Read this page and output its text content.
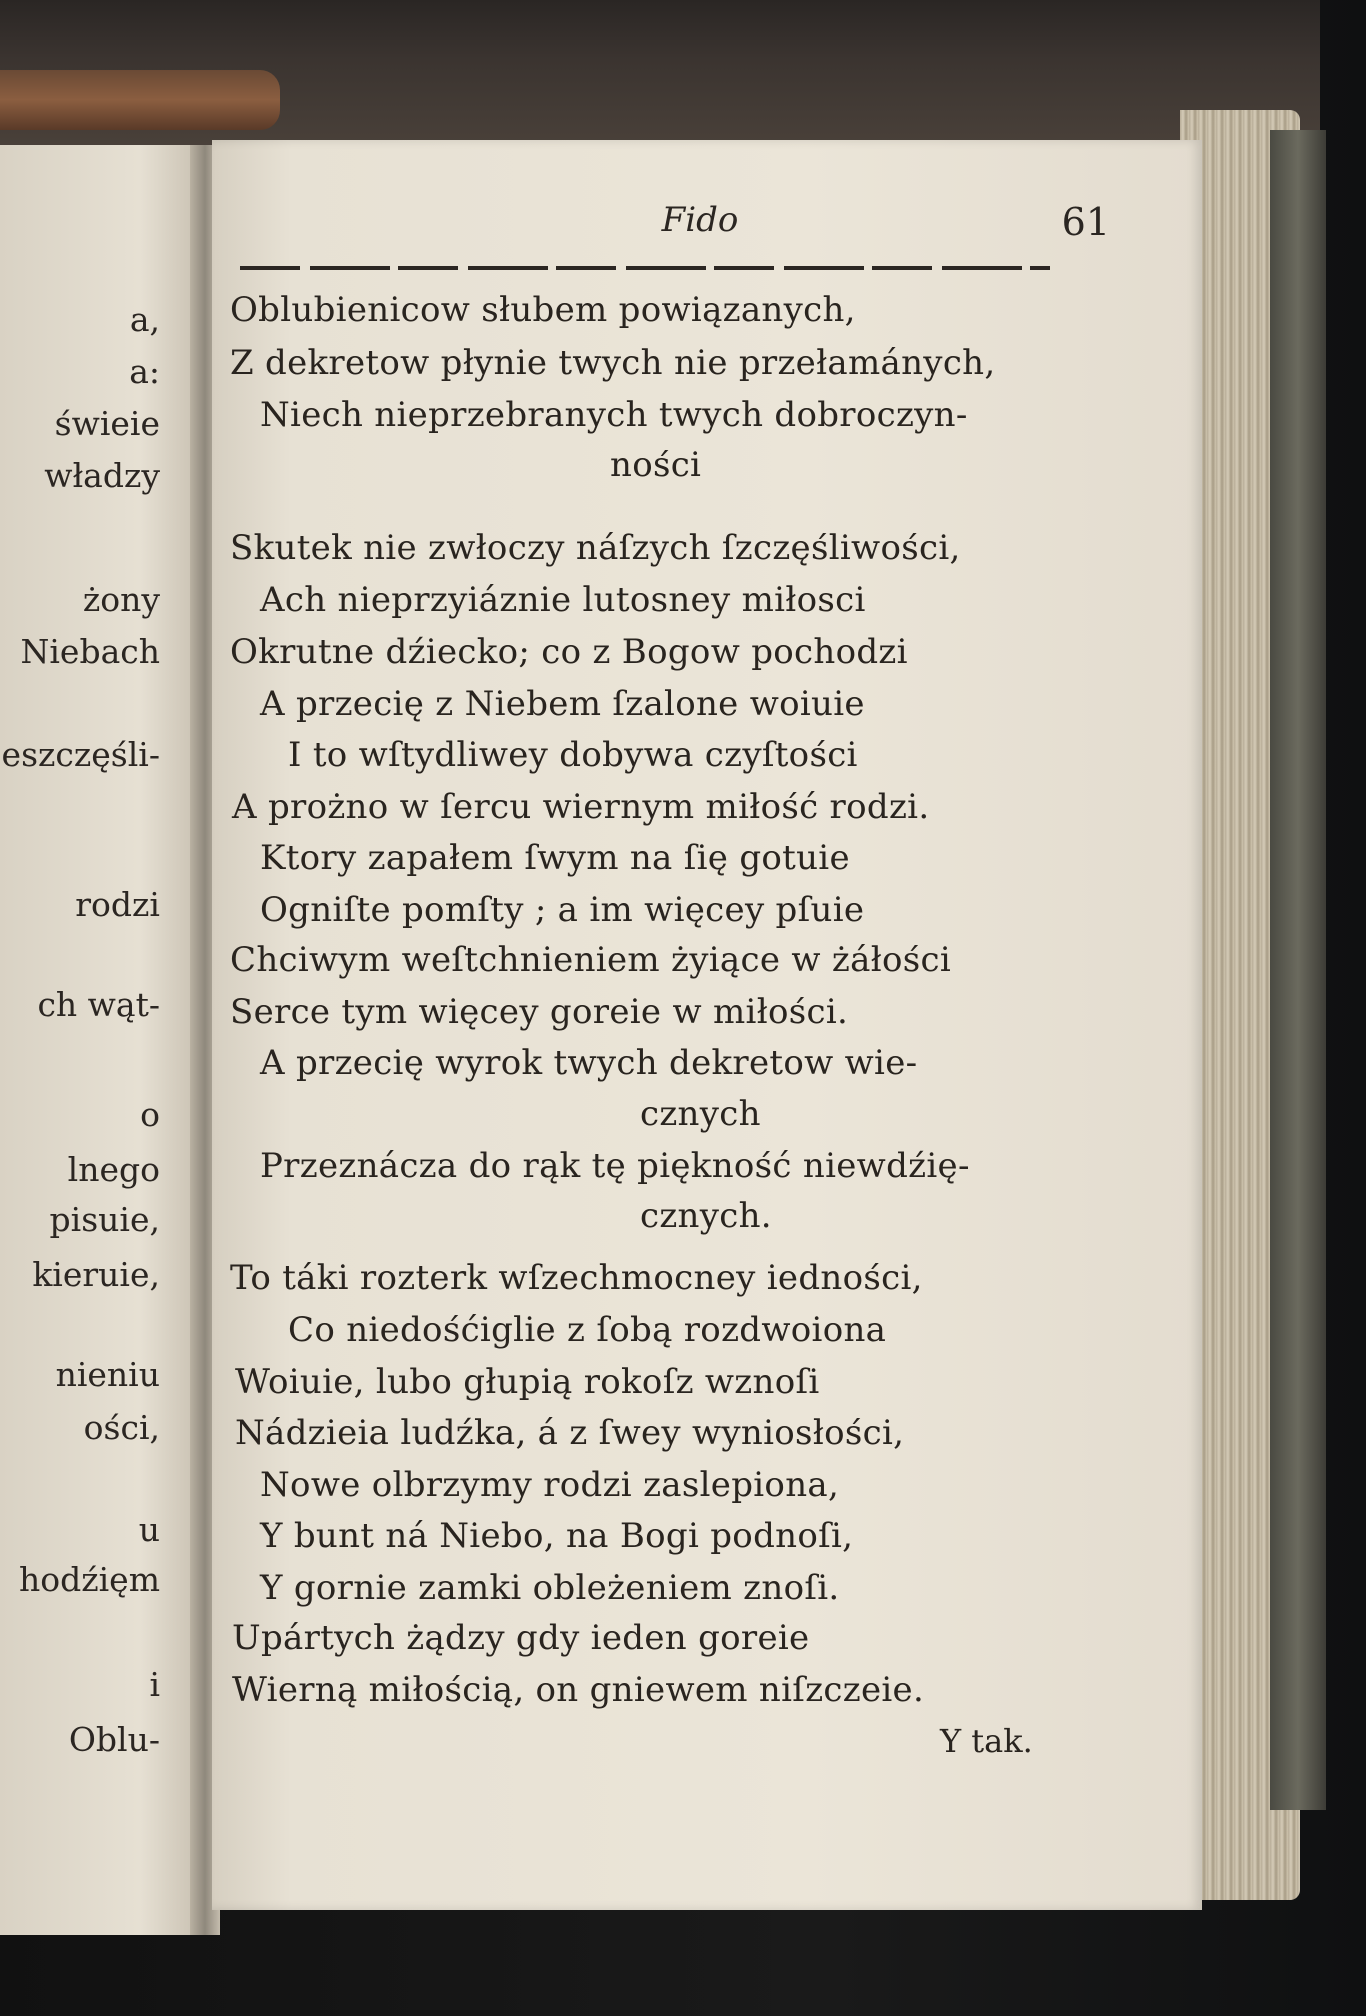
a,
a:
świeie
władzy
żony
Niebach
eszczęśli-
rodzi
ch wąt-
o
lnego
pisuie,
kieruie,
nieniu
ości,
u
hodźięm
i
Oblu-
Fido	61
Oblubienicow słubem powiązanych,
Z dekretow płynie twych nie przełamánych,
Niech nieprzebranych twych dobroczyn-
ności
Skutek nie zwłoczy náſzych ſzczęśliwości,
Ach nieprzyiáznie lutosney miłosci
Okrutne dźiecko; co z Bogow pochodzi
A przecię z Niebem ſzalone woiuie
I to wſtydliwey dobywa czyſtości
A prożno w ſercu wiernym miłość rodzi.
Ktory zapałem ſwym na ſię gotuie
Ogniſte pomſty ; a im więcey pſuie
Chciwym weſtchnieniem żyiące w żáłości
Serce tym więcey goreie w miłości.
A przecię wyrok twych dekretow wie-
cznych
Przeznácza do rąk tę piękność niewdźię-
cznych.
To táki rozterk wſzechmocney iedności,
Co niedośćiglie z ſobą rozdwoiona
Woiuie, lubo głupią rokoſz wznoſi
Nádzieia ludźka, á z ſwey wyniosłości,
Nowe olbrzymy rodzi zaslepiona,
Y bunt ná Niebo, na Bogi podnoſi,
Y gornie zamki obleżeniem znoſi.
Upártych żądzy gdy ieden goreie
Wierną miłością, on gniewem niſzczeie.
Y tak.
